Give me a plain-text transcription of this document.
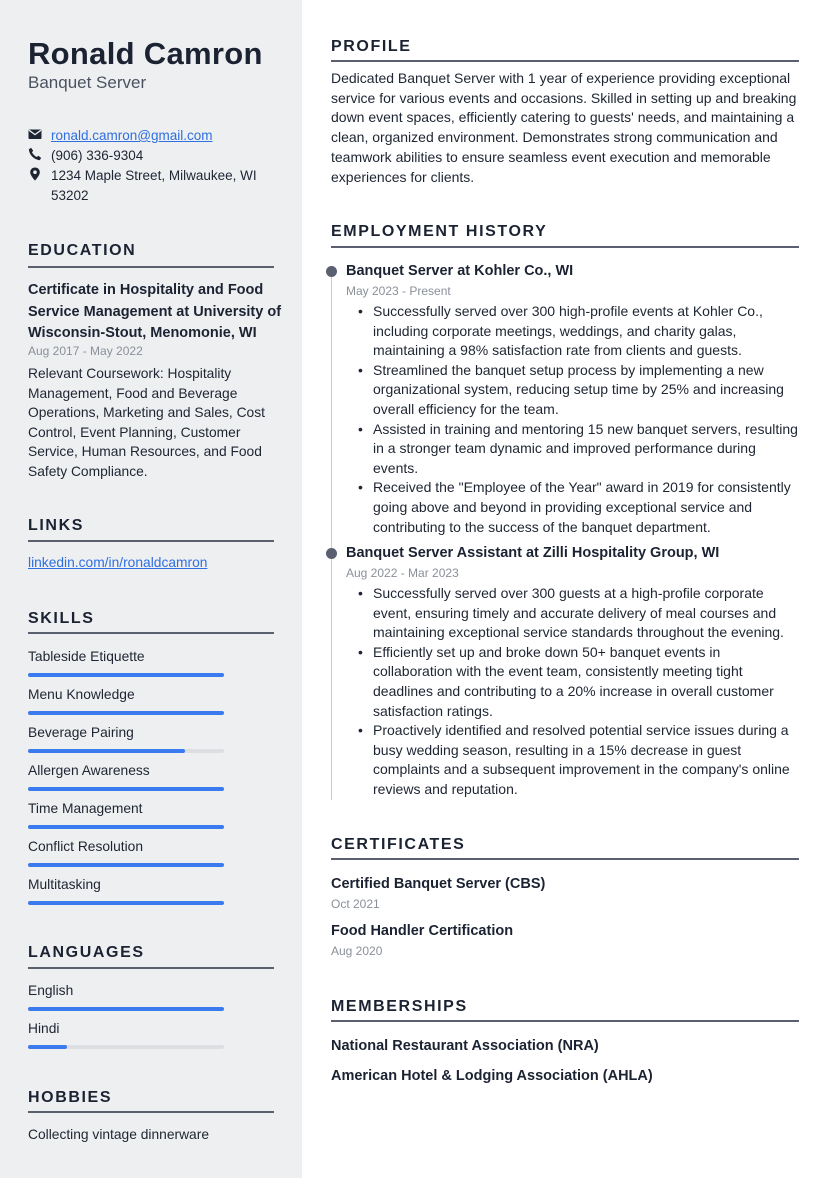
Ronald Camron
Banquet Server
ronald.camron@gmail.com
(906) 336-9304
1234 Maple Street, Milwaukee, WI 53202
EDUCATION
Certificate in Hospitality and Food Service Management at University of Wisconsin-Stout, Menomonie, WI
Aug 2017 - May 2022
Relevant Coursework: Hospitality Management, Food and Beverage Operations, Marketing and Sales, Cost Control, Event Planning, Customer Service, Human Resources, and Food Safety Compliance.
LINKS
linkedin.com/in/ronaldcamron
SKILLS
Tableside Etiquette
Menu Knowledge
Beverage Pairing
Allergen Awareness
Time Management
Conflict Resolution
Multitasking
LANGUAGES
English
Hindi
HOBBIES
Collecting vintage dinnerware
PROFILE
Dedicated Banquet Server with 1 year of experience providing exceptional service for various events and occasions. Skilled in setting up and breaking down event spaces, efficiently catering to guests' needs, and maintaining a clean, organized environment. Demonstrates strong communication and teamwork abilities to ensure seamless event execution and memorable experiences for clients.
EMPLOYMENT HISTORY
Banquet Server at Kohler Co., WI
May 2023 - Present
• Successfully served over 300 high-profile events at Kohler Co., including corporate meetings, weddings, and charity galas, maintaining a 98% satisfaction rate from clients and guests.
• Streamlined the banquet setup process by implementing a new organizational system, reducing setup time by 25% and increasing overall efficiency for the team.
• Assisted in training and mentoring 15 new banquet servers, resulting in a stronger team dynamic and improved performance during events.
• Received the "Employee of the Year" award in 2019 for consistently going above and beyond in providing exceptional service and contributing to the success of the banquet department.
Banquet Server Assistant at Zilli Hospitality Group, WI
Aug 2022 - Mar 2023
• Successfully served over 300 guests at a high-profile corporate event, ensuring timely and accurate delivery of meal courses and maintaining exceptional service standards throughout the evening.
• Efficiently set up and broke down 50+ banquet events in collaboration with the event team, consistently meeting tight deadlines and contributing to a 20% increase in overall customer satisfaction ratings.
• Proactively identified and resolved potential service issues during a busy wedding season, resulting in a 15% decrease in guest complaints and a subsequent improvement in the company's online reviews and reputation.
CERTIFICATES
Certified Banquet Server (CBS)
Oct 2021
Food Handler Certification
Aug 2020
MEMBERSHIPS
National Restaurant Association (NRA)
American Hotel & Lodging Association (AHLA)
